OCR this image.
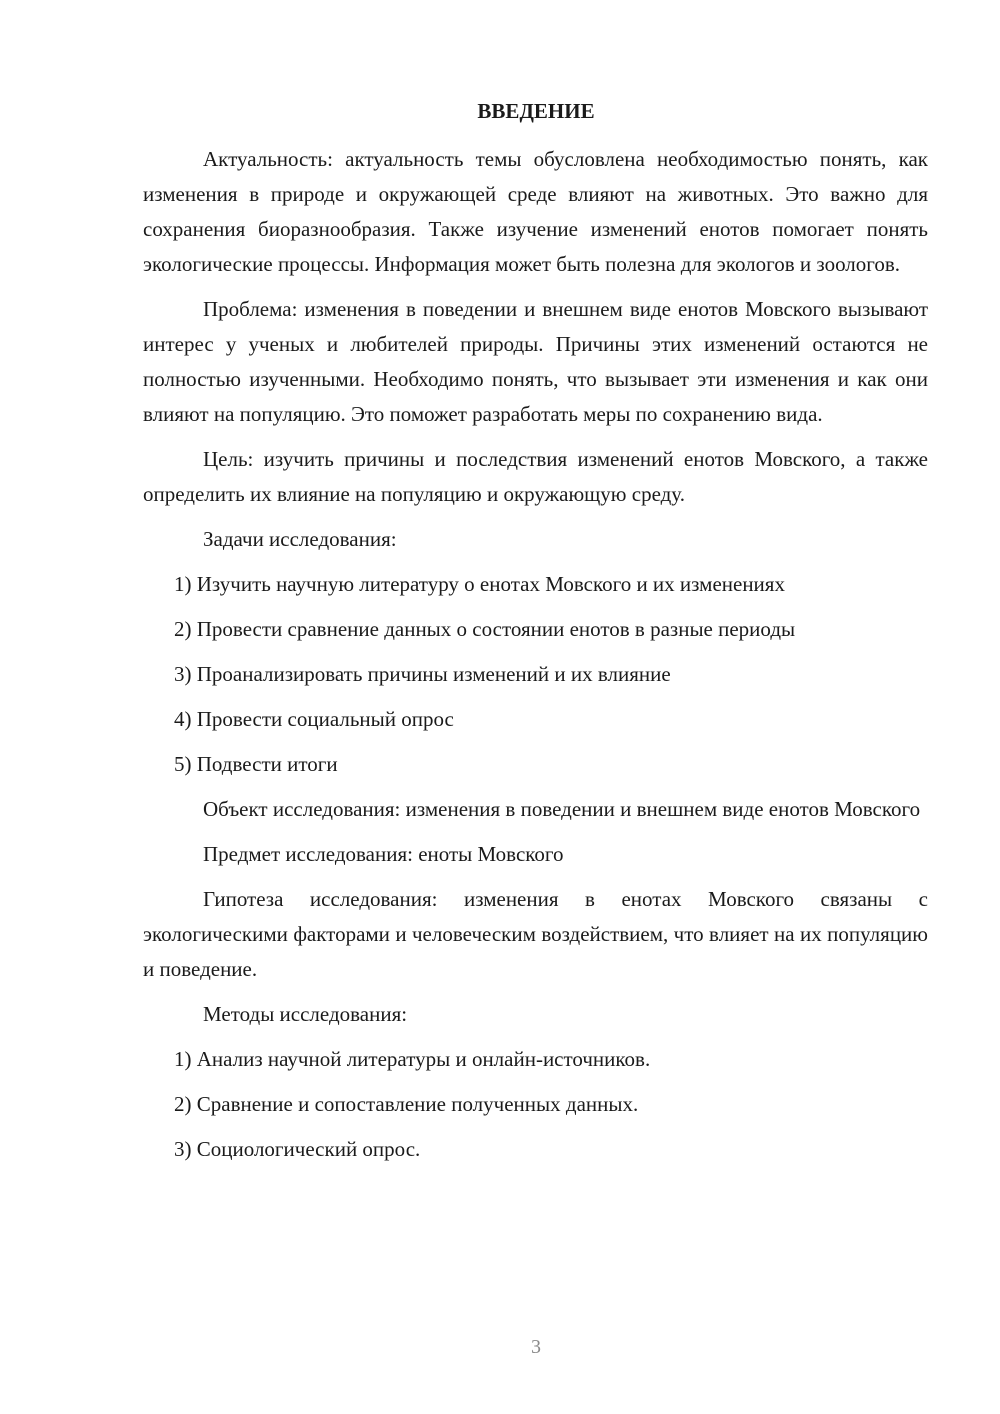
ВВЕДЕНИЕ

Актуальность: актуальность темы обусловлена необходимостью понять, как изменения в природе и окружающей среде влияют на животных. Это важно для сохранения биоразнообразия. Также изучение изменений енотов помогает понять экологические процессы. Информация может быть полезна для экологов и зоологов.

Проблема: изменения в поведении и внешнем виде енотов Мовского вызывают интерес у ученых и любителей природы. Причины этих изменений остаются не полностью изученными. Необходимо понять, что вызывает эти изменения и как они влияют на популяцию. Это поможет разработать меры по сохранению вида.

Цель: изучить причины и последствия изменений енотов Мовского, а также определить их влияние на популяцию и окружающую среду.

Задачи исследования:

1) Изучить научную литературу о енотах Мовского и их изменениях

2) Провести сравнение данных о состоянии енотов в разные периоды

3) Проанализировать причины изменений и их влияние

4) Провести социальный опрос

5) Подвести итоги

Объект исследования: изменения в поведении и внешнем виде енотов Мовского

Предмет исследования: еноты Мовского

Гипотеза исследования: изменения в енотах Мовского связаны с экологическими факторами и человеческим воздействием, что влияет на их популяцию и поведение.

Методы исследования:

1) Анализ научной литературы и онлайн-источников.

2) Сравнение и сопоставление полученных данных.

3) Социологический опрос.

3
